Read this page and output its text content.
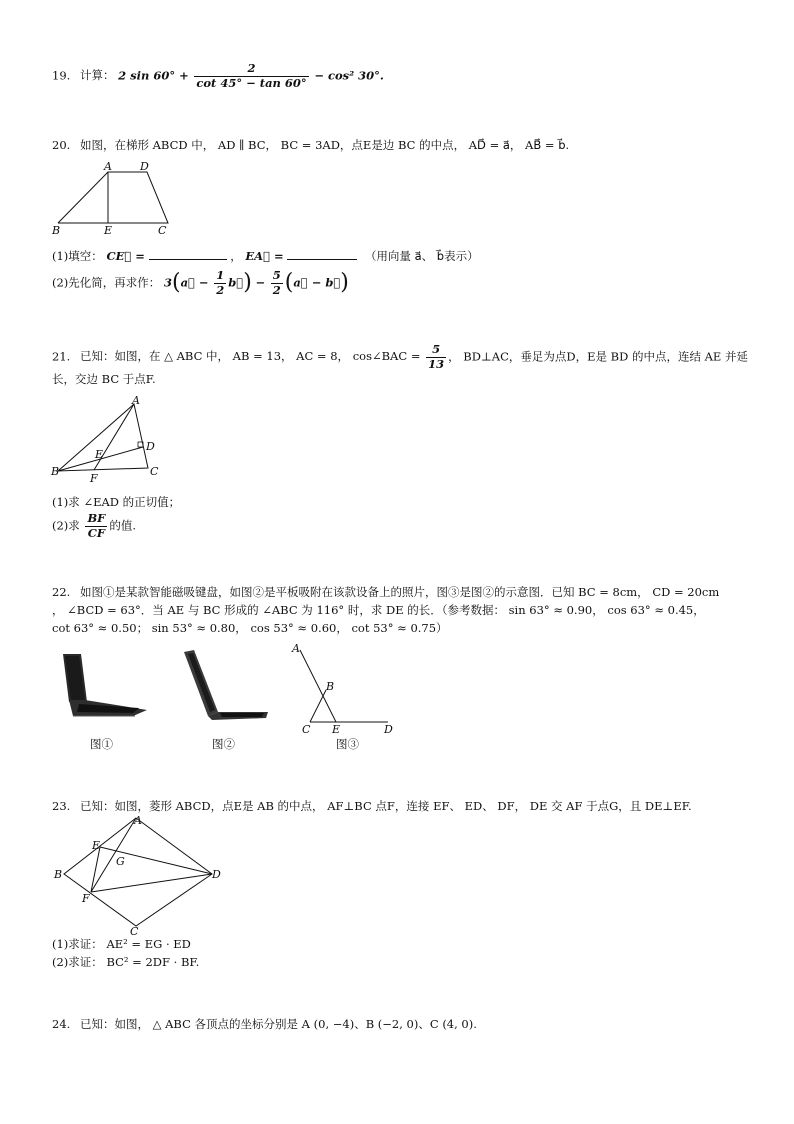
19. 计算： 2 $\sin 60^\circ + \frac{2}{\cot 45^\circ - \tan 60^\circ} - \cos^2$ 30°.
20. 如图，在梯形 ABCD 中， AD ∥ BC， BC = 3AD，点E是边 BC 的中点， AD⃗ = a⃗， AB⃗ = b⃗.
A	D
B	E	C
(1)填空： CE⃗ =	， EA⃗ =	（用向量 a⃗、 b⃗表示）
(2)先化简，再求作： 3(a⃗ − $\frac{1}{2}$ b⃗) − $\frac{5}{2}$ (a⃗ − b⃗)
21. 已知：如图，在 △ ABC 中， AB = 13， AC = 8， cos∠BAC = $\frac{5}{13}$ ， BD⊥AC，垂足为点D，E是 BD 的中点，连结 AE 并延
长，交边 BC 于点F.
A
D
E
B
F
C
(1)求 ∠EAD 的正切值；
(2)求 $\frac{BF}{CF}$ 的值.
22. 如图①是某款智能磁吸键盘，如图②是平板吸附在该款设备上的照片，图③是图②的示意图．已知 BC = 8cm， CD = 20cm
， ∠BCD = 63°．当 AE 与 BC 形成的 ∠ABC 为 116° 时，求 DE 的长．（参考数据： sin 63° ≈ 0.90， cos 63° ≈ 0.45，
cot 63° ≈ 0.50； sin 53° ≈ 0.80， cos 53° ≈ 0.60， cot 53° ≈ 0.75）
A
B
C E	D
图①	图②	图③
23. 已知：如图，菱形 ABCD，点E是 AB 的中点， AF⊥BC 点F，连接 EF、 ED、 DF， DE 交 AF 于点G，且 DE⊥EF.
A
E
G
B	D
F
C
(1)求证： AE² = EG · ED
(2)求证： BC² = 2DF · BF.
24. 已知：如图， △ ABC 各顶点的坐标分别是 A (0, −4)、B (−2, 0)、C (4, 0).
